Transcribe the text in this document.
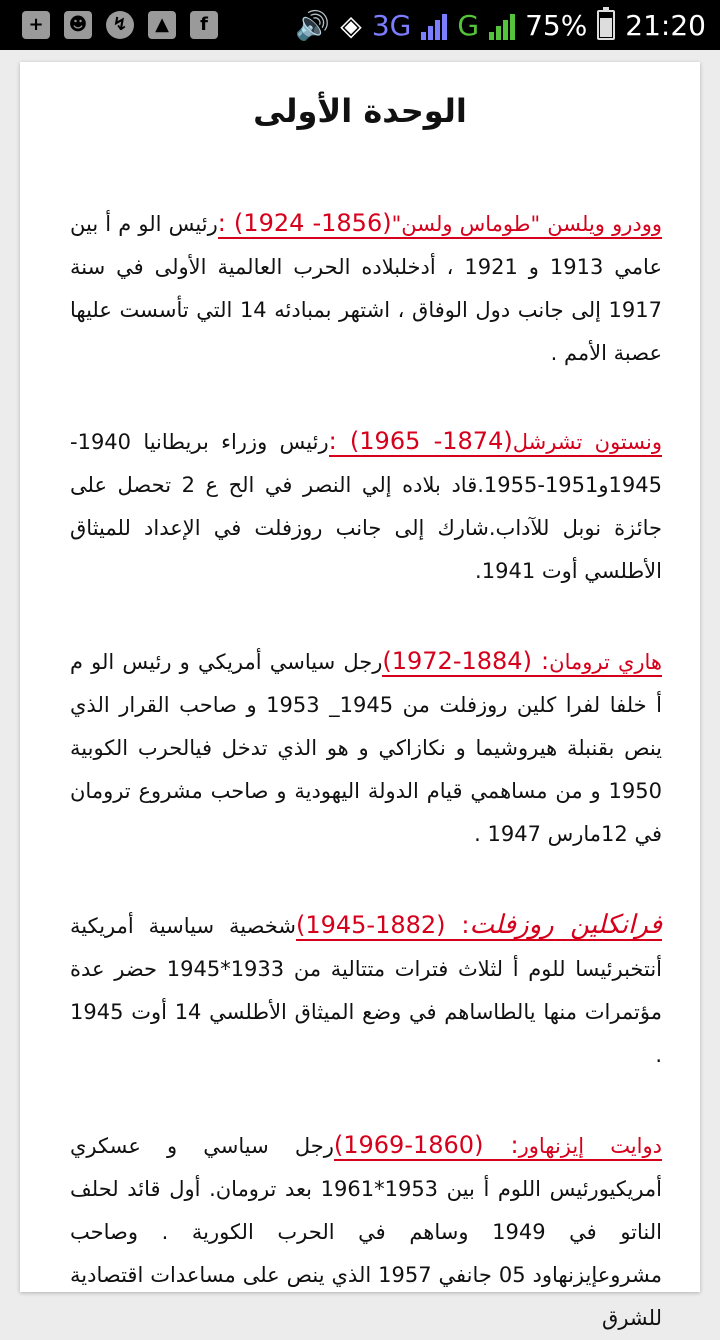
+	☻	↯	▲	f	🔊 ◈ 3G G 75% 21:20
الوحدة الأولى
وودرو ويلسن "طوماس ولسن"(1856- 1924) :رئيس الو م أ بين عامي 1913 و 1921 ، أدخلبلاده الحرب العالمية الأولى في سنة 1917 إلى جانب دول الوفاق ، اشتهر بمبادئه 14 التي تأسست عليها عصبة الأمم .
ونستون تشرشل(1874- 1965) :رئيس وزراء بريطانيا 1940-1945و1951-1955.قاد بلاده إلي النصر في الح ع 2 تحصل على جائزة نوبل للآداب.شارك إلى جانب روزفلت في الإعداد للميثاق الأطلسي أوت 1941.
هاري ترومان: (1884-1972)رجل سياسي أمريكي و رئيس الو م أ خلفا لفرا كلين روزفلت من 1945_ 1953 و صاحب القرار الذي ينص بقنبلة هيروشيما و نكازاكي و هو الذي تدخل فيالحرب الكوبية 1950 و من مساهمي قيام الدولة اليهودية و صاحب مشروع ترومان في 12مارس 1947 .
فرانكلين روزفلت: (1882-1945)شخصية سياسية أمريكية أنتخبرئيسا للوم أ لثلاث فترات متتالية من 1933*1945 حضر عدة مؤتمرات منها يالطاساهم في وضع الميثاق الأطلسي 14 أوت 1945 .
دوايت إيزنهاور: (1860-1969)رجل سياسي و عسكري أمريكيورئيس اللوم أ بين 1953*1961 بعد ترومان. أول قائد لحلف الناتو في 1949 وساهم في الحرب الكورية . وصاحب مشروعإيزنهاود 05 جانفي 1957 الذي ينص على مساعدات اقتصادية للشرق
